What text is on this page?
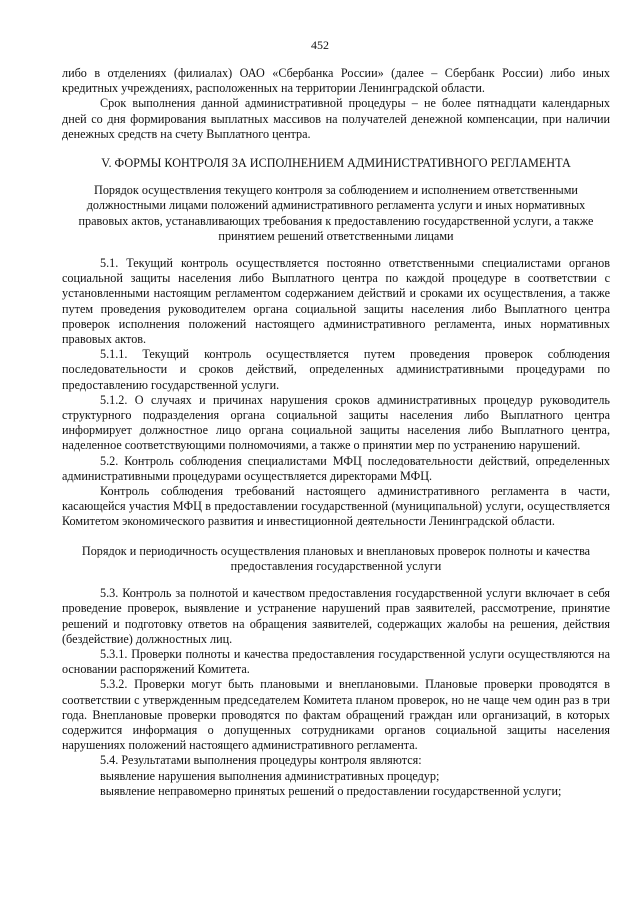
452

либо в отделениях (филиалах) ОАО «Сбербанка России» (далее – Сбербанк России) либо иных кредитных учреждениях, расположенных на территории Ленинградской области.

Срок выполнения данной административной процедуры – не более пятнадцати календарных дней со дня формирования выплатных массивов на получателей денежной компенсации, при наличии денежных средств на счету Выплатного центра.

V. ФОРМЫ КОНТРОЛЯ ЗА ИСПОЛНЕНИЕМ АДМИНИСТРАТИВНОГО РЕГЛАМЕНТА

Порядок осуществления текущего контроля за соблюдением и исполнением ответственными должностными лицами положений административного регламента услуги и иных нормативных правовых актов, устанавливающих требования к предоставлению государственной услуги, а также принятием решений ответственными лицами

5.1. Текущий контроль осуществляется постоянно ответственными специалистами органов социальной защиты населения либо Выплатного центра по каждой процедуре в соответствии с установленными настоящим регламентом содержанием действий и сроками их осуществления, а также путем проведения руководителем органа социальной защиты населения либо Выплатного центра проверок исполнения положений настоящего административного регламента, иных нормативных правовых актов.

5.1.1. Текущий контроль осуществляется путем проведения проверок соблюдения последовательности и сроков действий, определенных административными процедурами по предоставлению государственной услуги.

5.1.2. О случаях и причинах нарушения сроков административных процедур руководитель структурного подразделения органа социальной защиты населения либо Выплатного центра информирует должностное лицо органа социальной защиты населения либо Выплатного центра, наделенное соответствующими полномочиями, а также о принятии мер по устранению нарушений.

5.2. Контроль соблюдения специалистами МФЦ последовательности действий, определенных административными процедурами осуществляется директорами МФЦ.

Контроль соблюдения требований настоящего административного регламента в части, касающейся участия МФЦ в предоставлении государственной (муниципальной) услуги, осуществляется Комитетом экономического развития и инвестиционной деятельности Ленинградской области.

Порядок и периодичность осуществления плановых и внеплановых проверок полноты и качества предоставления государственной услуги

5.3. Контроль за полнотой и качеством предоставления государственной услуги включает в себя проведение проверок, выявление и устранение нарушений прав заявителей, рассмотрение, принятие решений и подготовку ответов на обращения заявителей, содержащих жалобы на решения, действия (бездействие) должностных лиц.

5.3.1. Проверки полноты и качества предоставления государственной услуги осуществляются на основании распоряжений Комитета.

5.3.2. Проверки могут быть плановыми и внеплановыми. Плановые проверки проводятся в соответствии с утвержденным председателем Комитета планом проверок, но не чаще чем один раз в три года. Внеплановые проверки проводятся по фактам обращений граждан или организаций, в которых содержится информация о допущенных сотрудниками органов социальной защиты населения нарушениях положений настоящего административного регламента.

5.4. Результатами выполнения процедуры контроля являются:

выявление нарушения выполнения административных процедур;

выявление неправомерно принятых решений о предоставлении государственной услуги;
